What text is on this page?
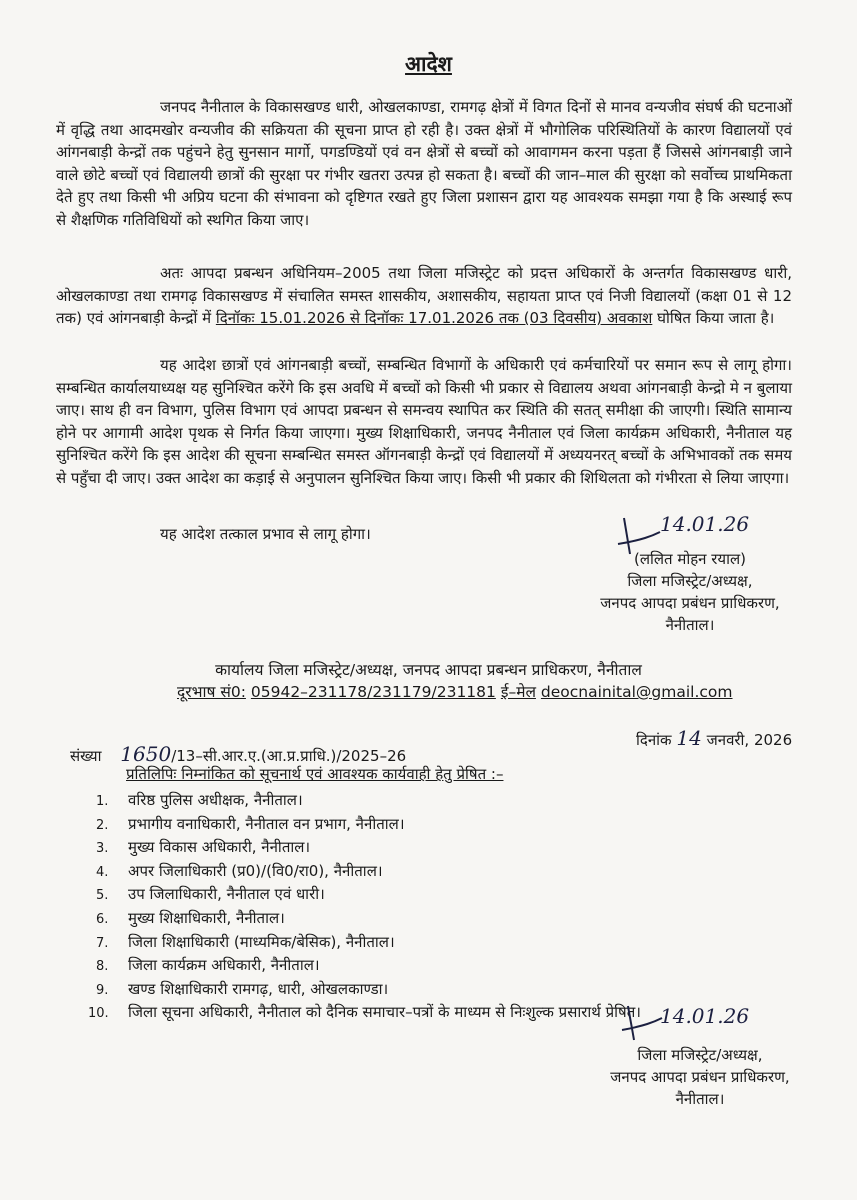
आदेश

जनपद नैनीताल के विकासखण्ड धारी, ओखलकाण्डा, रामगढ़ क्षेत्रों में विगत दिनों से मानव वन्यजीव संघर्ष की घटनाओं में वृद्धि तथा आदमखोर वन्यजीव की सक्रियता की सूचना प्राप्त हो रही है। उक्त क्षेत्रों में भौगोलिक परिस्थितियों के कारण विद्यालयों एवं आंगनबाड़ी केन्द्रों तक पहुंचने हेतु सुनसान मार्गो, पगडण्डियों एवं वन क्षेत्रों से बच्चों को आवागमन करना पड़ता हैं जिससे आंगनबाड़ी जाने वाले छोटे बच्चों एवं विद्यालयी छात्रों की सुरक्षा पर गंभीर खतरा उत्पन्न हो सकता है। बच्चों की जान–माल की सुरक्षा को सर्वोच्च प्राथमिकता देते हुए तथा किसी भी अप्रिय घटना की संभावना को दृष्टिगत रखते हुए जिला प्रशासन द्वारा यह आवश्यक समझा गया है कि अस्थाई रूप से शैक्षणिक गतिविधियों को स्थगित किया जाए।

अतः आपदा प्रबन्धन अधिनियम–2005 तथा जिला मजिस्ट्रेट को प्रदत्त अधिकारों के अन्तर्गत विकासखण्ड धारी, ओखलकाण्डा तथा रामगढ़ विकासखण्ड में संचालित समस्त शासकीय, अशासकीय, सहायता प्राप्त एवं निजी विद्यालयों (कक्षा 01 से 12 तक) एवं आंगनबाड़ी केन्द्रों में दिनॉकः 15.01.2026 से दिनॉकः 17.01.2026 तक (03 दिवसीय) अवकाश घोषित किया जाता है।

यह आदेश छात्रों एवं आंगनबाड़ी बच्चों, सम्बन्धित विभागों के अधिकारी एवं कर्मचारियों पर समान रूप से लागू होगा। सम्बन्धित कार्यालयाध्यक्ष यह सुनिश्चित करेंगे कि इस अवधि में बच्चों को किसी भी प्रकार से विद्यालय अथवा आंगनबाड़ी केन्द्रो मे न बुलाया जाए। साथ ही वन विभाग, पुलिस विभाग एवं आपदा प्रबन्धन से समन्वय स्थापित कर स्थिति की सतत् समीक्षा की जाएगी। स्थिति सामान्य होने पर आगामी आदेश पृथक से निर्गत किया जाएगा। मुख्य शिक्षाधिकारी, जनपद नैनीताल एवं जिला कार्यक्रम अधिकारी, नैनीताल यह सुनिश्चित करेंगे कि इस आदेश की सूचना सम्बन्धित समस्त ऑगनबाड़ी केन्द्रों एवं विद्यालयों में अध्ययनरत् बच्चों के अभिभावकों तक समय से पहुँचा दी जाए। उक्त आदेश का कड़ाई से अनुपालन सुनिश्चित किया जाए। किसी भी प्रकार की शिथिलता को गंभीरता से लिया जाएगा।

यह आदेश तत्काल प्रभाव से लागू होगा।	14.01.26
(ललित मोहन रयाल)
जिला मजिस्ट्रेट/अध्यक्ष,
जनपद आपदा प्रबंधन प्राधिकरण,
नैनीताल।
कार्यालय जिला मजिस्ट्रेट/अध्यक्ष, जनपद आपदा प्रबन्धन प्राधिकरण, नैनीताल
दूरभाष सं0: 05942–231178/231179/231181 ई–मेल deocnainital@gmail.com
संख्या 1650/13–सी.आर.ए.(आ.प्र.प्राधि.)/2025–26
दिनांक 14 जनवरी, 2026
प्रतिलिपिः निम्नांकित को सूचनार्थ एवं आवश्यक कार्यवाही हेतु प्रेषित :–
1. वरिष्ठ पुलिस अधीक्षक, नैनीताल।
2. प्रभागीय वनाधिकारी, नैनीताल वन प्रभाग, नैनीताल।
3. मुख्य विकास अधिकारी, नैनीताल।
4. अपर जिलाधिकारी (प्र0)/(वि0/रा0), नैनीताल।
5. उप जिलाधिकारी, नैनीताल एवं धारी।
6. मुख्य शिक्षाधिकारी, नैनीताल।
7. जिला शिक्षाधिकारी (माध्यमिक/बेसिक), नैनीताल।
8. जिला कार्यक्रम अधिकारी, नैनीताल।
9. खण्ड शिक्षाधिकारी रामगढ़, धारी, ओखलकाण्डा।
10. जिला सूचना अधिकारी, नैनीताल को दैनिक समाचार–पत्रों के माध्यम से निःशुल्क प्रसारार्थ प्रेषित। 14.01.26
जिला मजिस्ट्रेट/अध्यक्ष,
जनपद आपदा प्रबंधन प्राधिकरण,
नैनीताल।
